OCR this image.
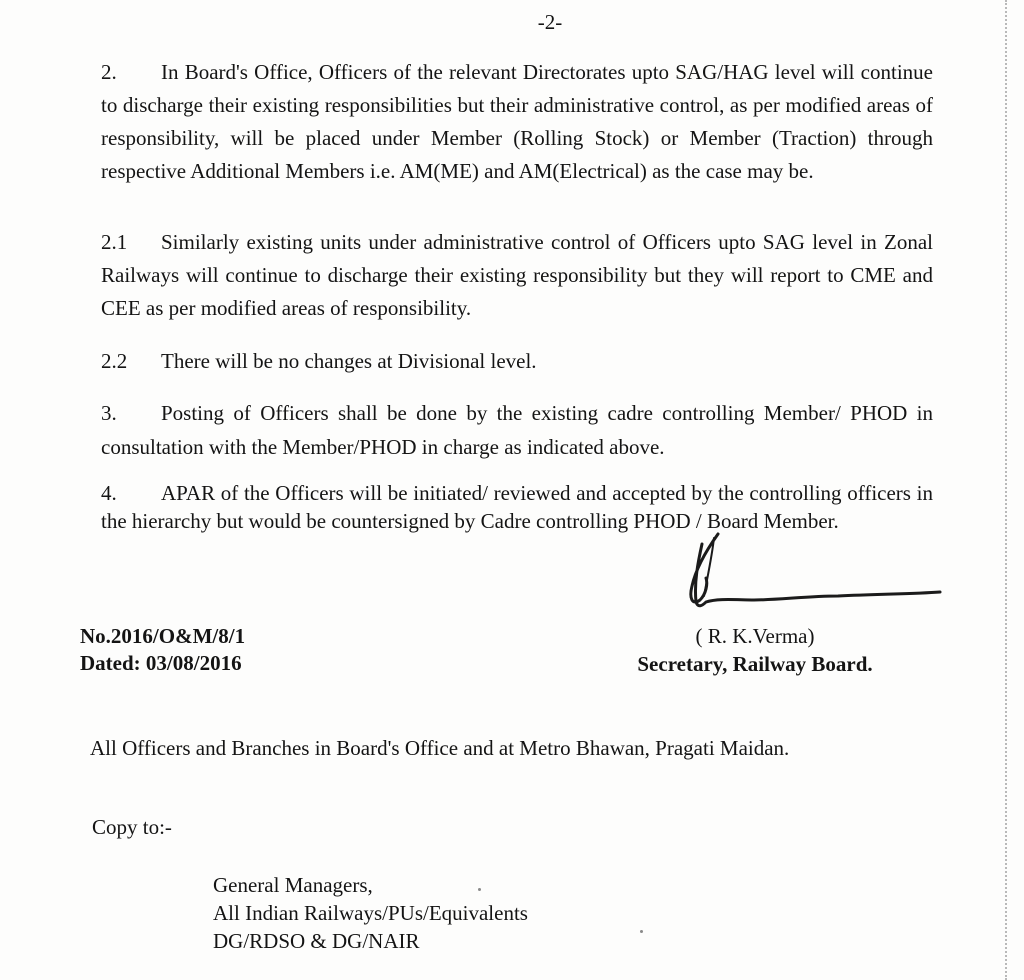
-2-

2. In Board's Office, Officers of the relevant Directorates upto SAG/HAG level will continue to discharge their existing responsibilities but their administrative control, as per modified areas of responsibility, will be placed under Member (Rolling Stock) or Member (Traction) through respective Additional Members i.e. AM(ME) and AM(Electrical) as the case may be.

2.1 Similarly existing units under administrative control of Officers upto SAG level in Zonal Railways will continue to discharge their existing responsibility but they will report to CME and CEE as per modified areas of responsibility.

2.2 There will be no changes at Divisional level.

3. Posting of Officers shall be done by the existing cadre controlling Member/ PHOD in consultation with the Member/PHOD in charge as indicated above.

4. APAR of the Officers will be initiated/ reviewed and accepted by the controlling officers in the hierarchy but would be countersigned by Cadre controlling PHOD / Board Member.

No.2016/O&M/8/1
Dated: 03/08/2016
( R. K.Verma)
Secretary, Railway Board.

All Officers and Branches in Board's Office and at Metro Bhawan, Pragati Maidan.

Copy to:-

General Managers,
All Indian Railways/PUs/Equivalents
DG/RDSO & DG/NAIR
